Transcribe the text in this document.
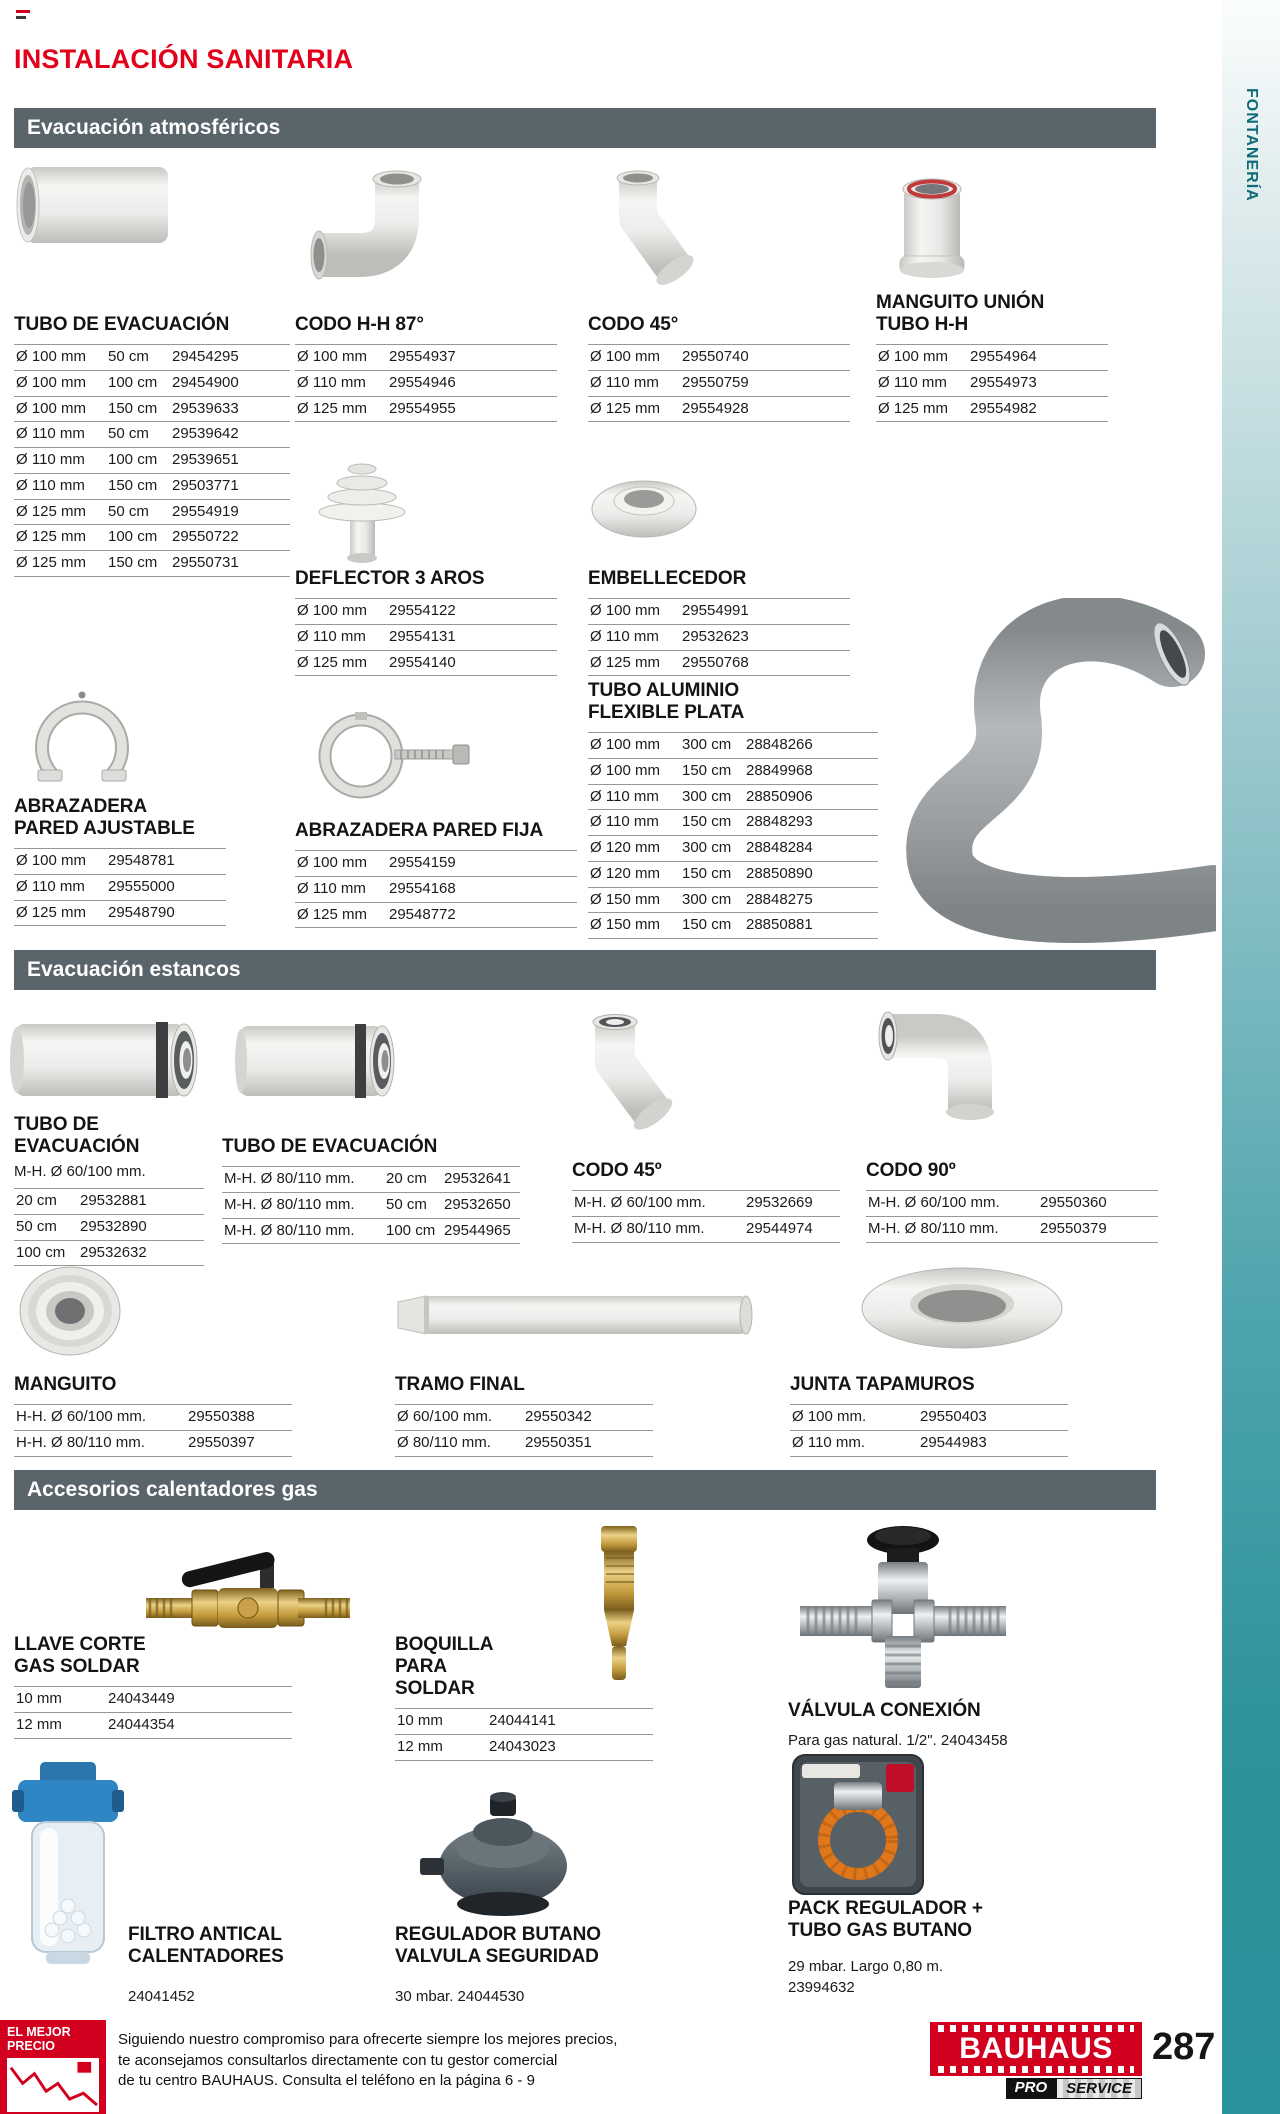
INSTALACIÓN SANITARIA
FONTANERÍA
Evacuación atmosféricos
TUBO DE EVACUACIÓN
Ø 100 mm	50 cm	29454295
Ø 100 mm	100 cm 29454900
Ø 100 mm	150 cm 29539633
Ø 110 mm	50 cm	29539642
Ø 110 mm	100 cm 29539651
Ø 110 mm	150 cm 29503771
Ø 125 mm	50 cm	29554919
Ø 125 mm	100 cm 29550722
Ø 125 mm	150 cm 29550731
CODO H-H 87°
Ø 100 mm	29554937
Ø 110 mm	29554946
Ø 125 mm	29554955
CODO 45°
Ø 100 mm	29550740
Ø 110 mm	29550759
Ø 125 mm	29554928
MANGUITO UNIÓN TUBO H-H
Ø 100 mm	29554964
Ø 110 mm	29554973
Ø 125 mm	29554982
DEFLECTOR 3 AROS
Ø 100 mm	29554122
Ø 110 mm	29554131
Ø 125 mm	29554140
EMBELLECEDOR
Ø 100 mm	29554991
Ø 110 mm	29532623
Ø 125 mm	29550768
TUBO ALUMINIO FLEXIBLE PLATA
Ø 100 mm	300 cm 28848266
Ø 100 mm	150 cm 28849968
Ø 110 mm	300 cm 28850906
Ø 110 mm	150 cm 28848293
Ø 120 mm	300 cm 28848284
Ø 120 mm	150 cm 28850890
Ø 150 mm	300 cm 28848275
Ø 150 mm	150 cm 28850881
ABRAZADERA PARED AJUSTABLE
Ø 100 mm	29548781
Ø 110 mm	29555000
Ø 125 mm	29548790
ABRAZADERA PARED FIJA
Ø 100 mm	29554159
Ø 110 mm	29554168
Ø 125 mm	29548772
Evacuación estancos
TUBO DE EVACUACIÓN

M-H. Ø 60/100 mm.

20 cm	29532881
50 cm	29532890
100 cm 29532632
TUBO DE EVACUACIÓN
M-H. Ø 80/110 mm.	20 cm	29532641
M-H. Ø 80/110 mm.	50 cm	29532650
M-H. Ø 80/110 mm.	100 cm 29544965
CODO 45º
M-H. Ø 60/100 mm.	29532669
M-H. Ø 80/110 mm.	29544974
CODO 90º
M-H. Ø 60/100 mm.	29550360
M-H. Ø 80/110 mm.	29550379
MANGUITO
H-H. Ø 60/100 mm.	29550388
H-H. Ø 80/110 mm.	29550397
TRAMO FINAL
Ø 60/100 mm.	29550342
Ø 80/110 mm.	29550351
JUNTA TAPAMUROS
Ø 100 mm.	29550403
Ø 110 mm.	29544983
Accesorios calentadores gas
LLAVE CORTE GAS SOLDAR
10 mm	24043449
12 mm	24044354
BOQUILLA PARA SOLDAR
10 mm	24044141
12 mm	24043023
VÁLVULA CONEXIÓN

Para gas natural. 1/2". 24043458

FILTRO ANTICAL CALENTADORES

24041452

REGULADOR BUTANO VALVULA SEGURIDAD

30 mbar. 24044530

PACK REGULADOR + TUBO GAS BUTANO

29 mbar. Largo 0,80 m.

23994632

EL MEJOR PRECIO	Siguiendo nuestro compromiso para ofrecerte siempre los mejores precios,
te aconsejamos consultarlos directamente con tu gestor comercial
de tu centro BAUHAUS. Consulta el teléfono en la página 6 - 9
BAUHAUS
PRO	SERVICE
287
